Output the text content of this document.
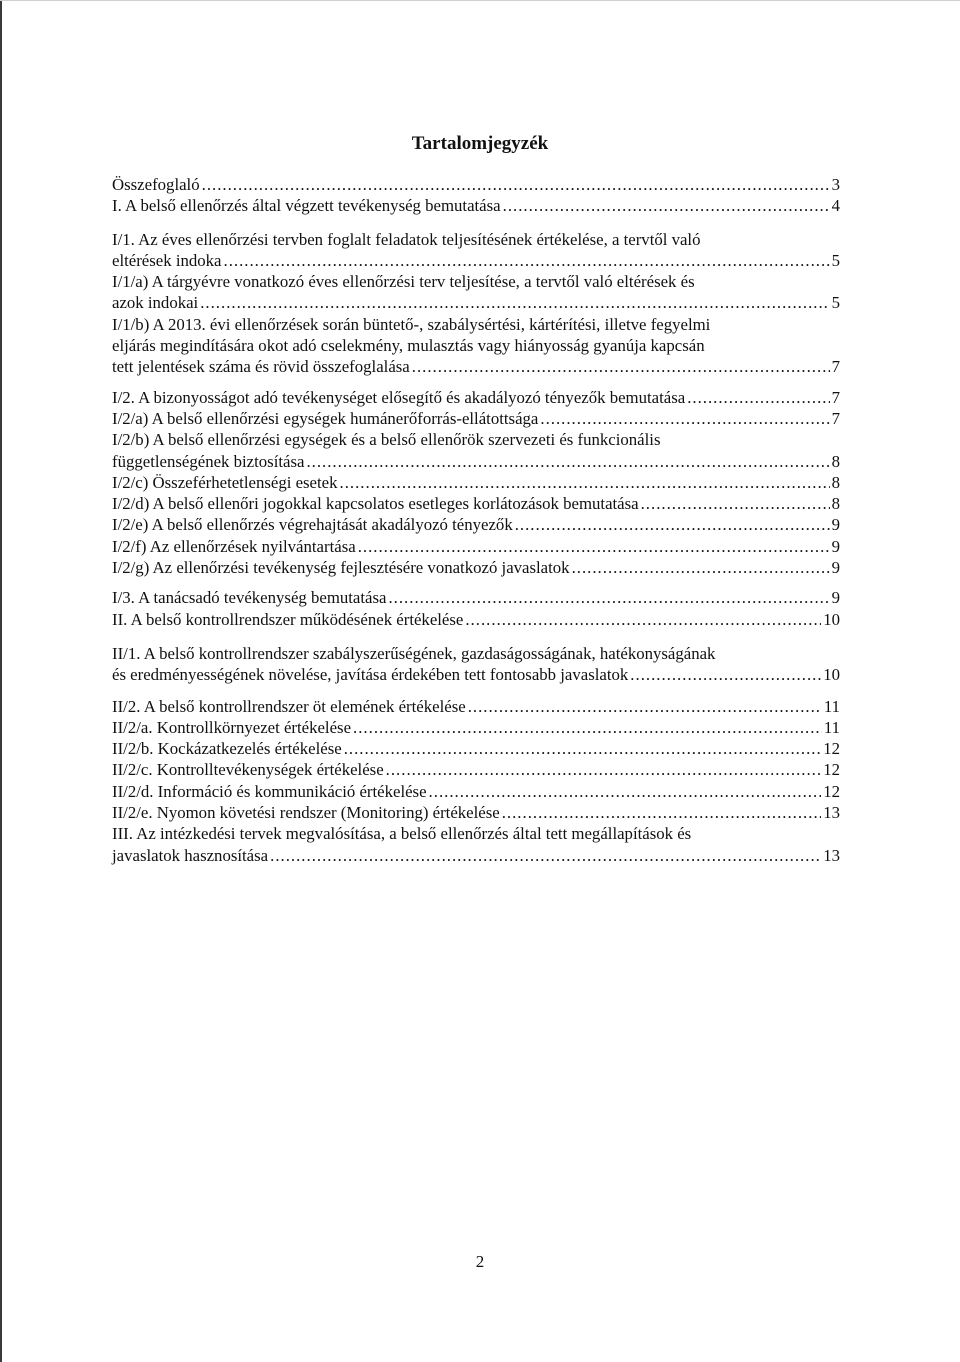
Tartalomjegyzék
Összefoglaló .....	3
I. A belső ellenőrzés által végzett tevékenység bemutatása .....	4
I/1. Az éves ellenőrzési tervben foglalt feladatok teljesítésének értékelése, a tervtől való
eltérések indoka .....	5
I/1/a) A tárgyévre vonatkozó éves ellenőrzési terv teljesítése, a tervtől való eltérések és
azok indokai .....	5
I/1/b) A 2013. évi ellenőrzések során büntető-, szabálysértési, kártérítési, illetve fegyelmi
eljárás megindítására okot adó cselekmény, mulasztás vagy hiányosság gyanúja kapcsán
tett jelentések száma és rövid összefoglalása .....	7
I/2. A bizonyosságot adó tevékenységet elősegítő és akadályozó tényezők bemutatása .....	7
I/2/a) A belső ellenőrzési egységek humánerőforrás-ellátottsága .....	7
I/2/b) A belső ellenőrzési egységek és a belső ellenőrök szervezeti és funkcionális
függetlenségének biztosítása .....	8
I/2/c) Összeférhetetlenségi esetek .....	8
I/2/d) A belső ellenőri jogokkal kapcsolatos esetleges korlátozások bemutatása .....	8
I/2/e) A belső ellenőrzés végrehajtását akadályozó tényezők .....	9
I/2/f) Az ellenőrzések nyilvántartása .....	9
I/2/g) Az ellenőrzési tevékenység fejlesztésére vonatkozó javaslatok .....	9
I/3. A tanácsadó tevékenység bemutatása .....	9
II. A belső kontrollrendszer működésének értékelése .....	10
II/1. A belső kontrollrendszer szabályszerűségének, gazdaságosságának, hatékonyságának
és eredményességének növelése, javítása érdekében tett fontosabb javaslatok .....	10
II/2. A belső kontrollrendszer öt elemének értékelése .....	11
II/2/a. Kontrollkörnyezet értékelése .....	11
II/2/b. Kockázatkezelés értékelése .....	12
II/2/c. Kontrolltevékenységek értékelése .....	12
II/2/d. Információ és kommunikáció értékelése .....	12
II/2/e. Nyomon követési rendszer (Monitoring) értékelése .....	13
III. Az intézkedési tervek megvalósítása, a belső ellenőrzés által tett megállapítások és
javaslatok hasznosítása .....	13
2
